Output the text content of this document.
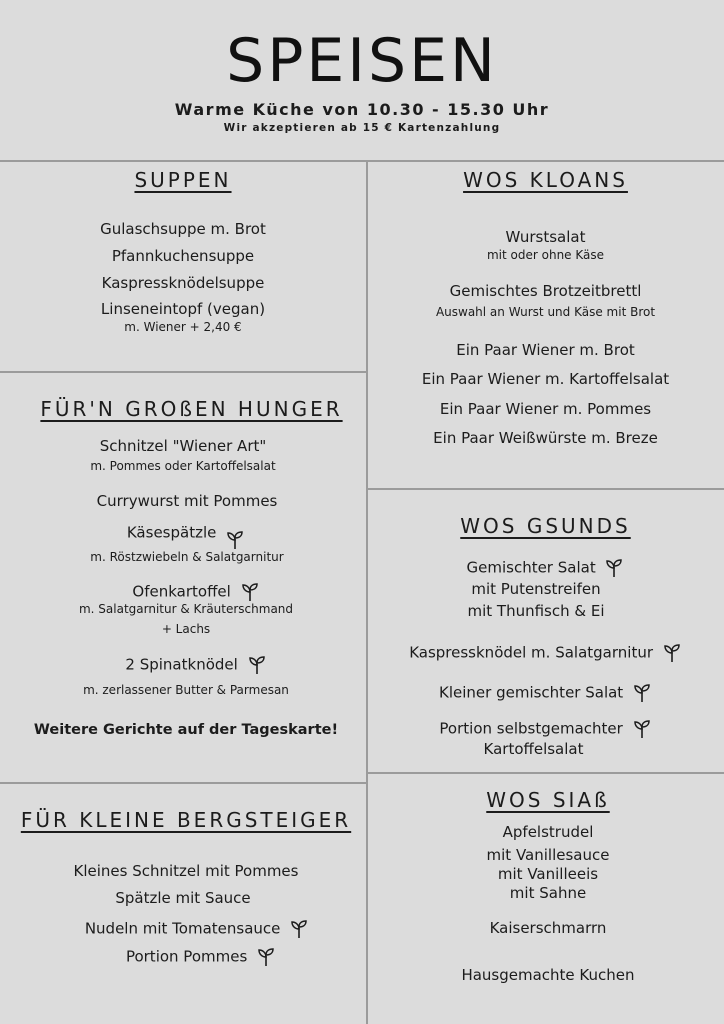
SPEISEN
Warme Küche von 10.30 - 15.30 Uhr
Wir akzeptieren ab 15 € Kartenzahlung
SUPPEN
Gulaschsuppe m. Brot
Pfannkuchensuppe
Kaspressknödelsuppe
Linseneintopf (vegan)
m. Wiener + 2,40 €
FÜR'N GROßEN HUNGER
Schnitzel "Wiener Art"
m. Pommes oder Kartoffelsalat
Currywurst mit Pommes
Käsespätzle
m. Röstzwiebeln & Salatgarnitur
Ofenkartoffel
m. Salatgarnitur & Kräuterschmand
+ Lachs
2 Spinatknödel
m. zerlassener Butter & Parmesan
Weitere Gerichte auf der Tageskarte!
FÜR KLEINE BERGSTEIGER
Kleines Schnitzel mit Pommes
Spätzle mit Sauce
Nudeln mit Tomatensauce
Portion Pommes
WOS KLOANS
Wurstsalat
mit oder ohne Käse
Gemischtes Brotzeitbrettl
Auswahl an Wurst und Käse mit Brot
Ein Paar Wiener m. Brot
Ein Paar Wiener m. Kartoffelsalat
Ein Paar Wiener m. Pommes
Ein Paar Weißwürste m. Breze
WOS GSUNDS
Gemischter Salat
mit Putenstreifen
mit Thunfisch & Ei
Kaspressknödel m. Salatgarnitur
Kleiner gemischter Salat
Portion selbstgemachter
Kartoffelsalat
WOS SIAß
Apfelstrudel
mit Vanillesauce
mit Vanilleeis
mit Sahne
Kaiserschmarrn
Hausgemachte Kuchen
